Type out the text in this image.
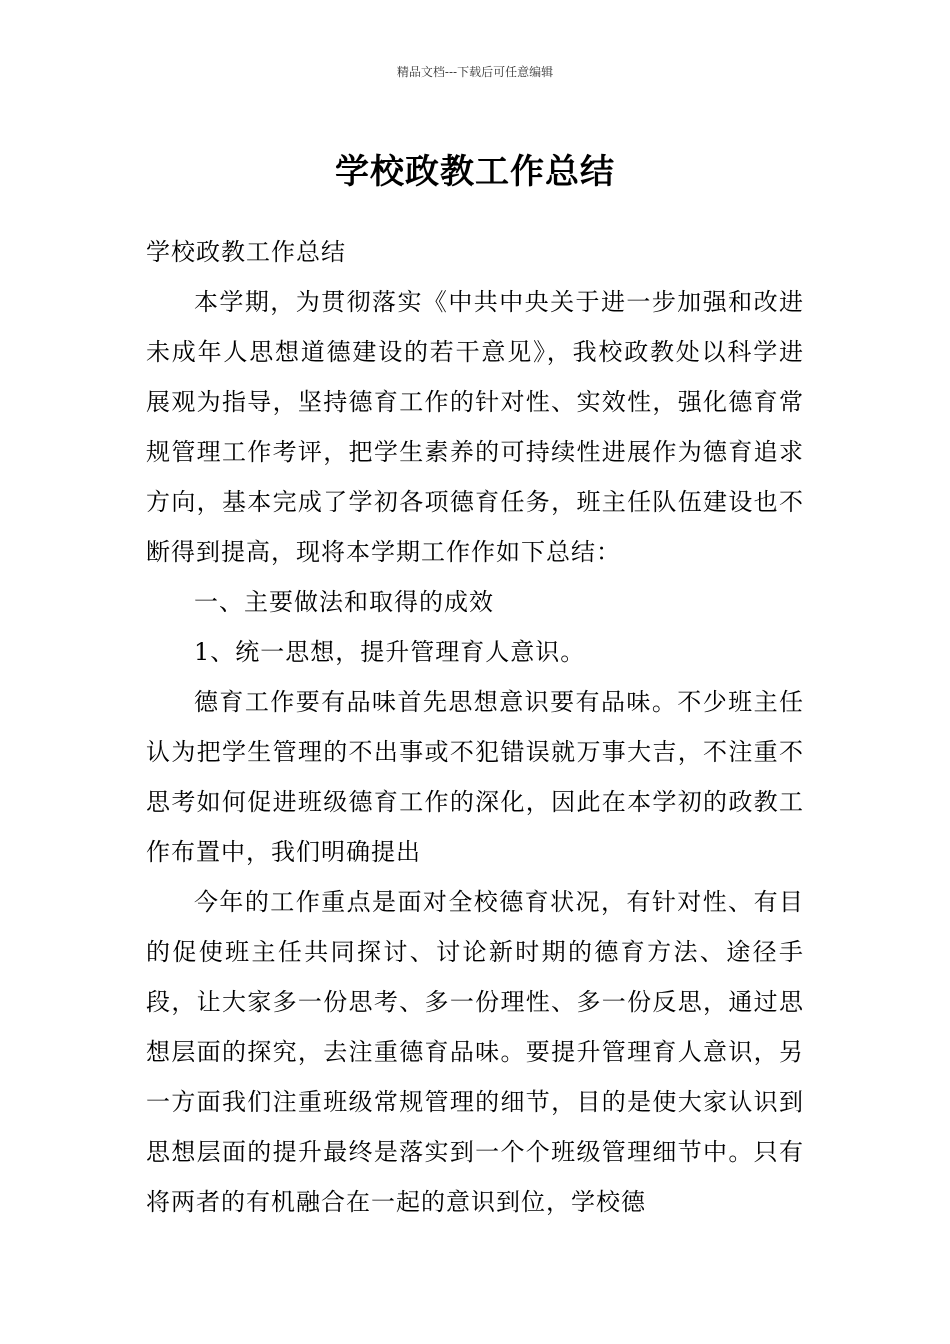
精品文档---下载后可任意编辑
学校政教工作总结

学校政教工作总结

本学期，为贯彻落实《中共中央关于进一步加强和改进未成年人思想道德建设的若干意见》，我校政教处以科学进展观为指导，坚持德育工作的针对性、实效性，强化德育常规管理工作考评，把学生素养的可持续性进展作为德育追求方向，基本完成了学初各项德育任务，班主任队伍建设也不断得到提高，现将本学期工作作如下总结：

一、主要做法和取得的成效

1、统一思想，提升管理育人意识。

德育工作要有品味首先思想意识要有品味。不少班主任认为把学生管理的不出事或不犯错误就万事大吉，不注重不思考如何促进班级德育工作的深化，因此在本学初的政教工作布置中，我们明确提出

今年的工作重点是面对全校德育状况，有针对性、有目的促使班主任共同探讨、讨论新时期的德育方法、途径手段，让大家多一份思考、多一份理性、多一份反思，通过思想层面的探究，去注重德育品味。要提升管理育人意识，另一方面我们注重班级常规管理的细节，目的是使大家认识到思想层面的提升最终是落实到一个个班级管理细节中。只有将两者的有机融合在一起的意识到位，学校德
